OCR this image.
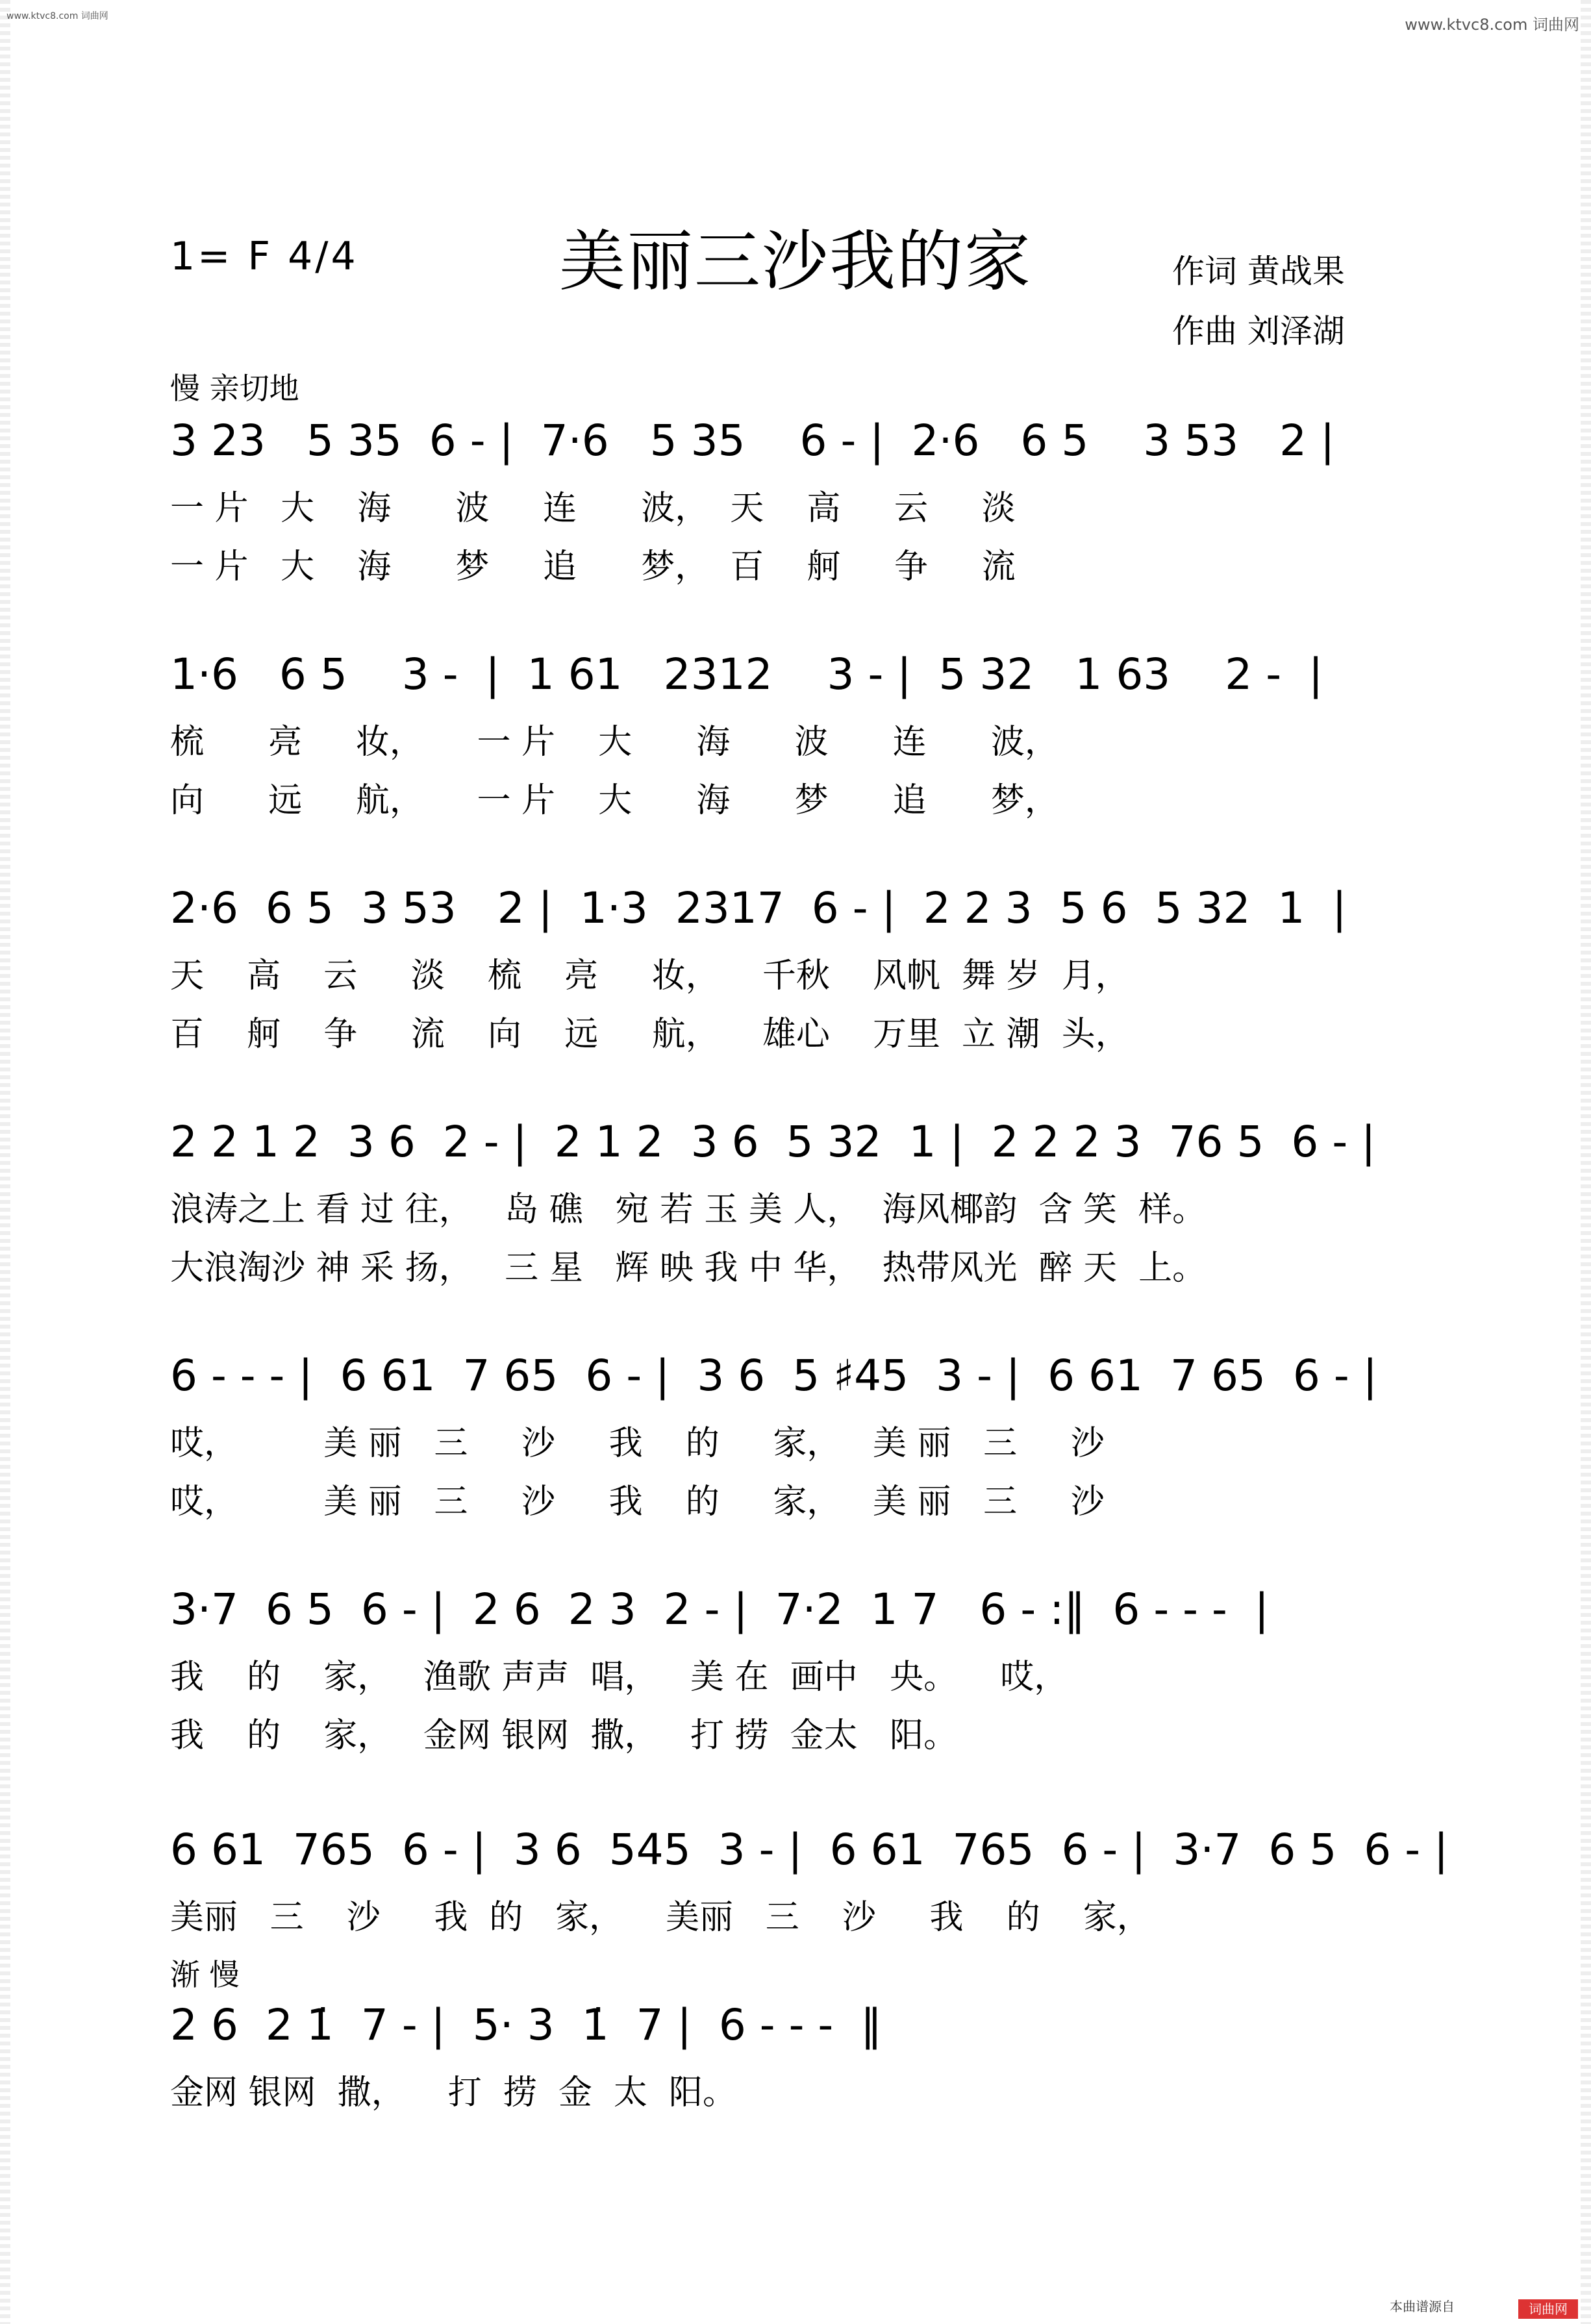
www.ktvc8.com 词曲网	www.ktvc8.com 词曲网
1= F 4/4	美丽三沙我的家	作词 黄战果
作曲 刘泽湖
慢 亲切地
3 23   5 35  6 - |  7·6   5 35    6 - |  2·6   6 5    3 53   2 |
一 片   大    海      波     连      波，  天    高     云     淡
一 片   大    海      梦     追      梦，  百    舸     争     流
1·6   6 5    3 -  |  1 61   2312    3 - |  5 32   1 63    2 -  |
梳      亮     妆，     一 片    大      海      波      连      波，
向      远     航，     一 片    大      海      梦      追      梦，
2·6  6 5  3 53   2 |  1·3  2317  6 - |  2 2 3  5 6  5 32  1  |
天    高    云     淡    梳    亮     妆，    千秋    风帆  舞 岁  月，
百    舸    争     流    向    远     航，    雄心    万里  立 潮  头，
2 2 1 2  3 6  2 - |  2 1 2  3 6  5 32  1 |  2 2 2 3  76 5  6 - |
浪涛之上 看 过 往，   岛 礁   宛 若 玉 美 人，  海风椰韵  含 笑  样。
大浪淘沙 神 采 扬，   三 星   辉 映 我 中 华，  热带风光  醉 天  上。
6 - - - |  6 61  7 65  6 - |  3 6  5 ♯45  3 - |  6 61  7 65  6 - |
哎，        美 丽   三     沙     我    的     家，   美 丽   三     沙
哎，        美 丽   三     沙     我    的     家，   美 丽   三     沙
3·7  6 5  6 - |  2 6  2 3  2 - |  7·2  1 7   6 - :‖  6 - - -  |
我    的    家，   渔歌 声声  唱，   美 在  画中   央。    哎，
我    的    家，   金网 银网  撒，   打 捞  金太   阳。
6 61  765  6 - |  3 6  545  3 - |  6 61  765  6 - |  3·7  6 5  6 - |
美丽   三    沙     我  的   家，    美丽   三    沙     我    的    家，
渐 慢
2 6  2 1̇  7 - |  5· 3  1̇  7 |  6 - - -  ‖
金网 银网  撒，    打  捞  金  太  阳。
本曲谱源自	词曲网
